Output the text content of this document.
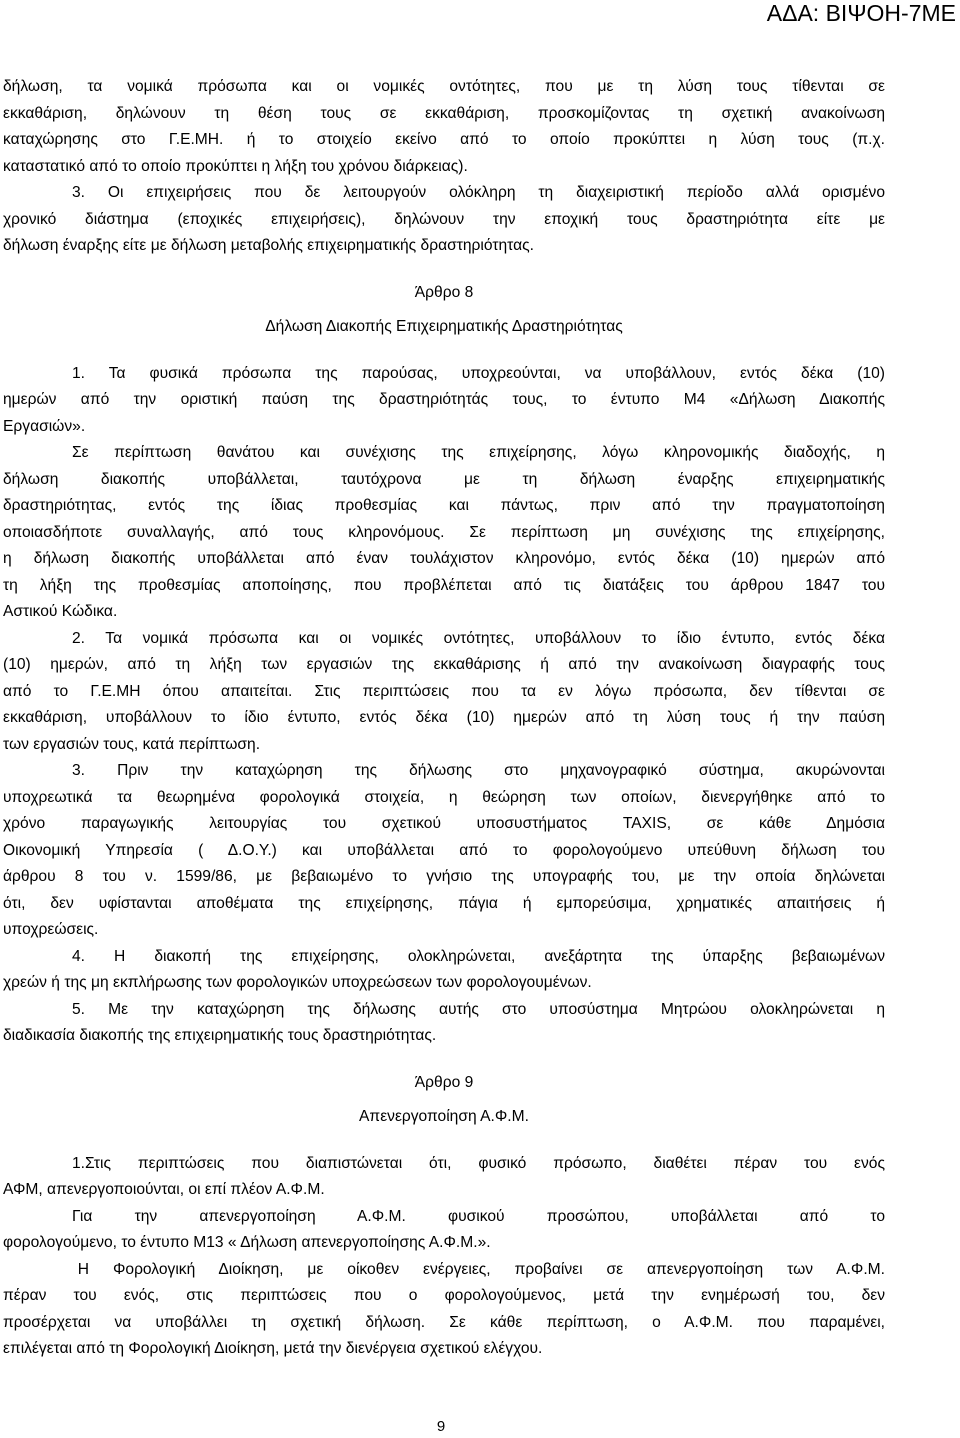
ΑΔΑ: ΒΙΨΟΗ-7ΜΕ
δήλωση, τα νομικά πρόσωπα και οι νομικές οντότητες, που με τη λύση τους τίθενται σε
εκκαθάριση, δηλώνουν τη θέση τους σε εκκαθάριση, προσκομίζοντας τη σχετική ανακοίνωση
καταχώρησης στο Γ.Ε.ΜΗ. ή το στοιχείο εκείνο από το οποίο προκύπτει η λύση τους (π.χ.
καταστατικό από το οποίο προκύπτει η λήξη του χρόνου διάρκειας).
3. Οι επιχειρήσεις που δε λειτουργούν ολόκληρη τη διαχειριστική περίοδο αλλά ορισμένο
χρονικό διάστημα (εποχικές επιχειρήσεις), δηλώνουν την εποχική τους δραστηριότητα είτε με
δήλωση έναρξης είτε με δήλωση μεταβολής επιχειρηματικής δραστηριότητας.
Άρθρο 8
Δήλωση Διακοπής Επιχειρηματικής Δραστηριότητας
1. Τα φυσικά πρόσωπα της παρούσας, υποχρεούνται, να υποβάλλουν, εντός δέκα (10)
ημερών από την οριστική παύση της δραστηριότητάς τους, το έντυπο Μ4 «Δήλωση Διακοπής
Εργασιών».
Σε περίπτωση θανάτου και συνέχισης της επιχείρησης, λόγω κληρονομικής διαδοχής, η
δήλωση διακοπής υποβάλλεται, ταυτόχρονα με τη δήλωση έναρξης επιχειρηματικής
δραστηριότητας, εντός της ίδιας προθεσμίας και πάντως, πριν από την πραγματοποίηση
οποιασδήποτε συναλλαγής, από τους κληρονόμους. Σε περίπτωση μη συνέχισης της επιχείρησης,
η δήλωση διακοπής υποβάλλεται από έναν τουλάχιστον κληρονόμο, εντός δέκα (10) ημερών από
τη λήξη της προθεσμίας αποποίησης, που προβλέπεται από τις διατάξεις του άρθρου 1847 του
Αστικού Κώδικα.
2. Τα νομικά πρόσωπα και οι νομικές οντότητες, υποβάλλουν το ίδιο έντυπο, εντός δέκα
(10) ημερών, από τη λήξη των εργασιών της εκκαθάρισης ή από την ανακοίνωση διαγραφής τους
από το Γ.Ε.ΜΗ όπου απαιτείται. Στις περιπτώσεις που τα εν λόγω πρόσωπα, δεν τίθενται σε
εκκαθάριση, υποβάλλουν το ίδιο έντυπο, εντός δέκα (10) ημερών από τη λύση τους ή την παύση
των εργασιών τους, κατά περίπτωση.
3. Πριν την καταχώρηση της δήλωσης στο μηχανογραφικό σύστημα, ακυρώνονται
υποχρεωτικά τα θεωρημένα φορολογικά στοιχεία, η θεώρηση των οποίων, διενεργήθηκε από το
χρόνο παραγωγικής λειτουργίας του σχετικού υποσυστήματος TAXIS, σε κάθε Δημόσια
Οικονομική Υπηρεσία ( Δ.Ο.Υ.) και υποβάλλεται από το φορολογούμενο υπεύθυνη δήλωση του
άρθρου 8 του ν. 1599/86, με βεβαιωμένο το γνήσιο της υπογραφής του, με την οποία δηλώνεται
ότι, δεν υφίστανται αποθέματα της επιχείρησης, πάγια ή εμπορεύσιμα, χρηματικές απαιτήσεις ή
υποχρεώσεις.
4. Η διακοπή της επιχείρησης, ολοκληρώνεται, ανεξάρτητα της ύπαρξης βεβαιωμένων
χρεών ή της μη εκπλήρωσης των φορολογικών υποχρεώσεων των φορολογουμένων.
5. Με την καταχώρηση της δήλωσης αυτής στο υποσύστημα Μητρώου ολοκληρώνεται η
διαδικασία διακοπής της επιχειρηματικής τους δραστηριότητας.
Άρθρο 9
Απενεργοποίηση Α.Φ.Μ.
1.Στις περιπτώσεις που διαπιστώνεται ότι, φυσικό πρόσωπο, διαθέτει πέραν του ενός
ΑΦΜ, απενεργοποιούνται, οι επί πλέον Α.Φ.Μ.
Για την απενεργοποίηση Α.Φ.Μ. φυσικού προσώπου, υποβάλλεται από το
φορολογούμενο, το έντυπο Μ13 « Δήλωση απενεργοποίησης Α.Φ.Μ.».
Η Φορολογική Διοίκηση, με οίκοθεν ενέργειες, προβαίνει σε απενεργοποίηση των Α.Φ.Μ.
πέραν του ενός, στις περιπτώσεις που ο φορολογούμενος, μετά την ενημέρωσή του, δεν
προσέρχεται να υποβάλλει τη σχετική δήλωση. Σε κάθε περίπτωση, ο Α.Φ.Μ. που παραμένει,
επιλέγεται από τη Φορολογική Διοίκηση, μετά την διενέργεια σχετικού ελέγχου.
9
